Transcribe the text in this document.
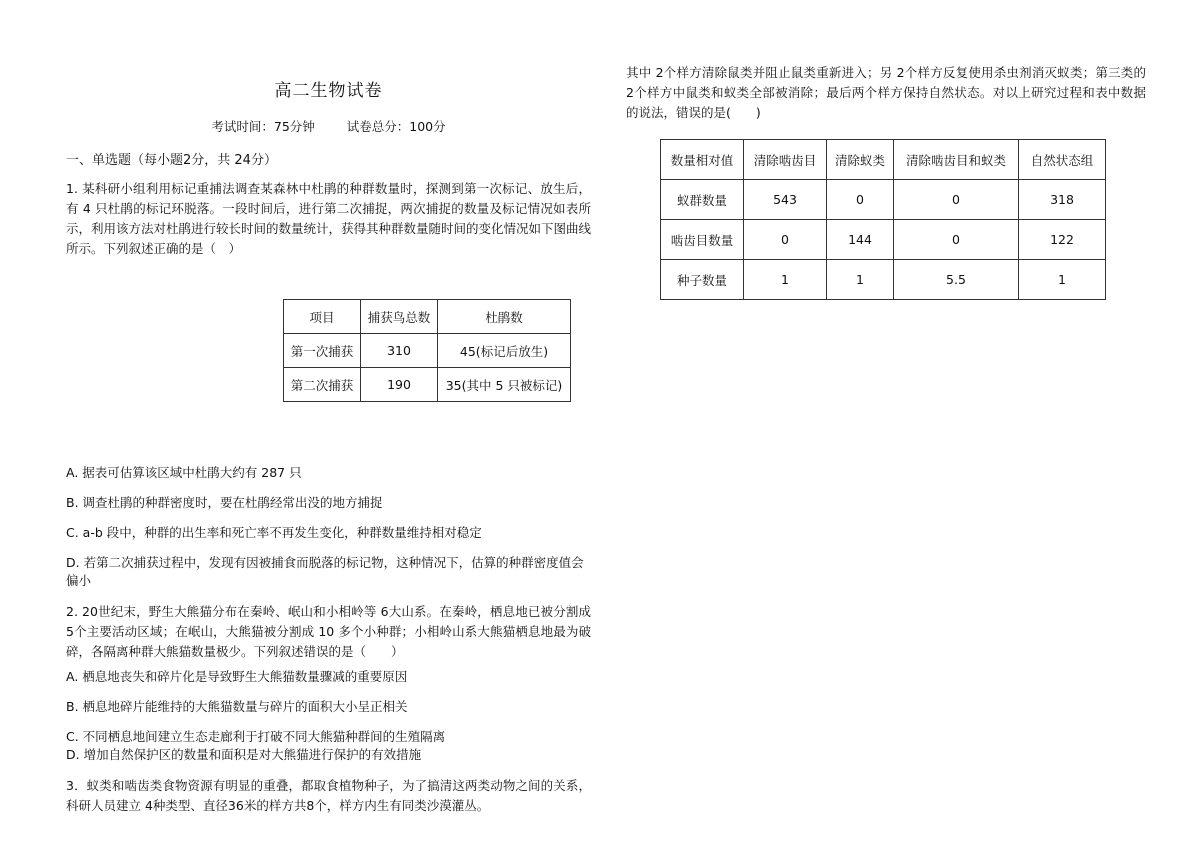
高二生物试卷
考试时间：75分钟	试卷总分：100分
一、单选题（每小题2分，共 24分）

1. 某科研小组利用标记重捕法调查某森林中杜鹃的种群数量时，探测到第一次标记、放生后，有 4 只杜鹃的标记环脱落。一段时间后，进行第二次捕捉，两次捕捉的数量及标记情况如表所示，利用该方法对杜鹃进行较长时间的数量统计，获得其种群数量随时间的变化情况如下图曲线所示。下列叙述正确的是（　）

项目	捕获鸟总数	杜鹃数
第一次捕获	310	45(标记后放生)
第二次捕获	190	35(其中 5 只被标记)

A. 据表可估算该区域中杜鹃大约有 287 只

B. 调查杜鹃的种群密度时，要在杜鹃经常出没的地方捕捉

C. a-b 段中，种群的出生率和死亡率不再发生变化，种群数量维持相对稳定

D. 若第二次捕获过程中，发现有因被捕食而脱落的标记物，这种情况下，估算的种群密度值会偏小

2. 20世纪末，野生大熊猫分布在秦岭、岷山和小相岭等 6大山系。在秦岭，栖息地已被分割成 5个主要活动区域；在岷山，大熊猫被分割成 10 多个小种群；小相岭山系大熊猫栖息地最为破碎，各隔离种群大熊猫数量极少。下列叙述错误的是（　　）

A. 栖息地丧失和碎片化是导致野生大熊猫数量骤减的重要原因

B. 栖息地碎片能维持的大熊猫数量与碎片的面积大小呈正相关

C. 不同栖息地间建立生态走廊利于打破不同大熊猫种群间的生殖隔离

D. 增加自然保护区的数量和面积是对大熊猫进行保护的有效措施

3．蚁类和啮齿类食物资源有明显的重叠，都取食植物种子，为了搞清这两类动物之间的关系，科研人员建立 4种类型、直径36米的样方共8个，样方内生有同类沙漠灌丛。

其中 2个样方清除鼠类并阻止鼠类重新进入；另 2个样方反复使用杀虫剂消灭蚁类；第三类的 2个样方中鼠类和蚁类全部被消除；最后两个样方保持自然状态。对以上研究过程和表中数据的说法，错误的是(　　)

数量相对值	清除啮齿目	清除蚁类	清除啮齿目和蚁类	自然状态组
蚁群数量	543	0	0	318
啮齿目数量	0	144	0	122
种子数量	1	1	5.5	1
